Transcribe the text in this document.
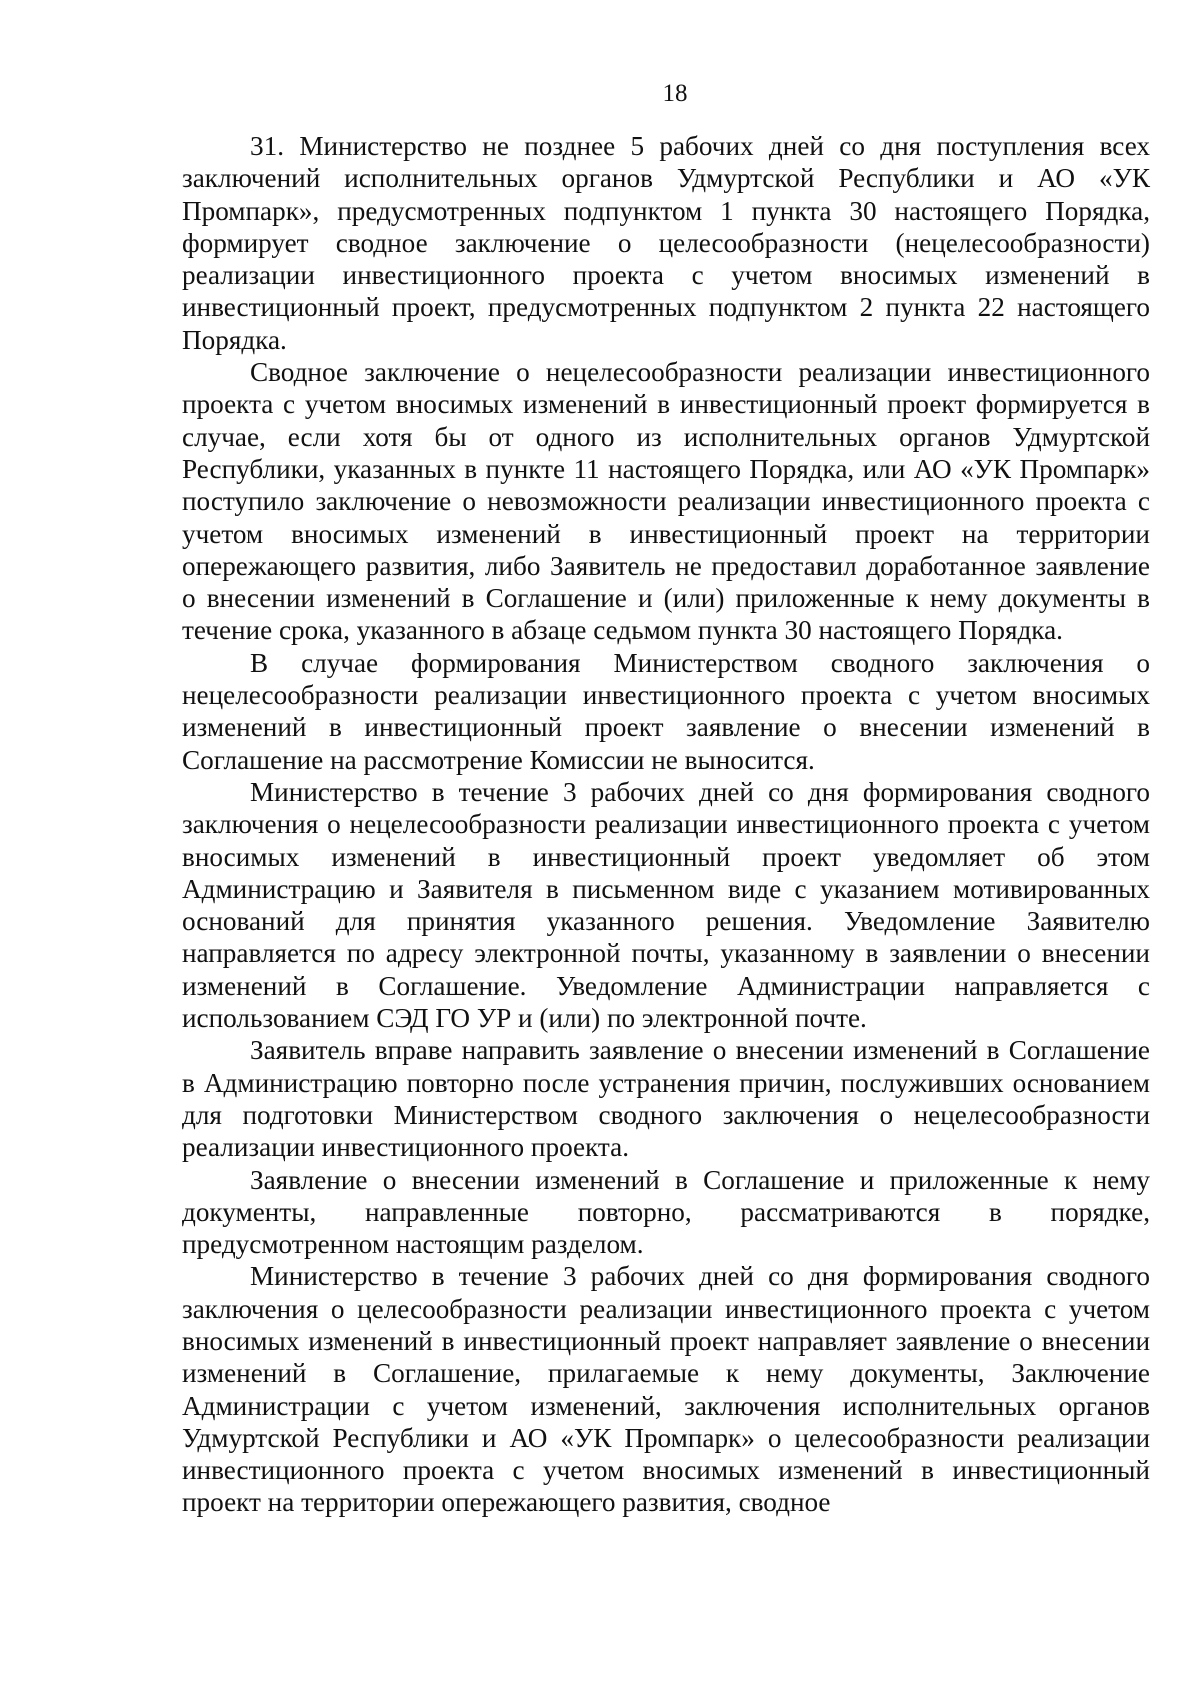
18

31. Министерство не позднее 5 рабочих дней со дня поступления всех заключений исполнительных органов Удмуртской Республики и АО «УК Промпарк», предусмотренных подпунктом 1 пункта 30 настоящего Порядка, формирует сводное заключение о целесообразности (нецелесообразности) реализации инвестиционного проекта с учетом вносимых изменений в инвестиционный проект, предусмотренных подпунктом 2 пункта 22 настоящего Порядка.

Сводное заключение о нецелесообразности реализации инвестиционного проекта с учетом вносимых изменений в инвестиционный проект формируется в случае, если хотя бы от одного из исполнительных органов Удмуртской Республики, указанных в пункте 11 настоящего Порядка, или АО «УК Промпарк» поступило заключение о невозможности реализации инвестиционного проекта с учетом вносимых изменений в инвестиционный проект на территории опережающего развития, либо Заявитель не предоставил доработанное заявление о внесении изменений в Соглашение и (или) приложенные к нему документы в течение срока, указанного в абзаце седьмом пункта 30 настоящего Порядка.

В случае формирования Министерством сводного заключения о нецелесообразности реализации инвестиционного проекта с учетом вносимых изменений в инвестиционный проект заявление о внесении изменений в Соглашение на рассмотрение Комиссии не выносится.

Министерство в течение 3 рабочих дней со дня формирования сводного заключения о нецелесообразности реализации инвестиционного проекта с учетом вносимых изменений в инвестиционный проект уведомляет об этом Администрацию и Заявителя в письменном виде с указанием мотивированных оснований для принятия указанного решения. Уведомление Заявителю направляется по адресу электронной почты, указанному в заявлении о внесении изменений в Соглашение. Уведомление Администрации направляется с использованием СЭД ГО УР и (или) по электронной почте.

Заявитель вправе направить заявление о внесении изменений в Соглашение в Администрацию повторно после устранения причин, послуживших основанием для подготовки Министерством сводного заключения о нецелесообразности реализации инвестиционного проекта.

Заявление о внесении изменений в Соглашение и приложенные к нему документы, направленные повторно, рассматриваются в порядке, предусмотренном настоящим разделом.

Министерство в течение 3 рабочих дней со дня формирования сводного заключения о целесообразности реализации инвестиционного проекта с учетом вносимых изменений в инвестиционный проект направляет заявление о внесении изменений в Соглашение, прилагаемые к нему документы, Заключение Администрации с учетом изменений, заключения исполнительных органов Удмуртской Республики и АО «УК Промпарк» о целесообразности реализации инвестиционного проекта с учетом вносимых изменений в инвестиционный проект на территории опережающего развития, сводное
